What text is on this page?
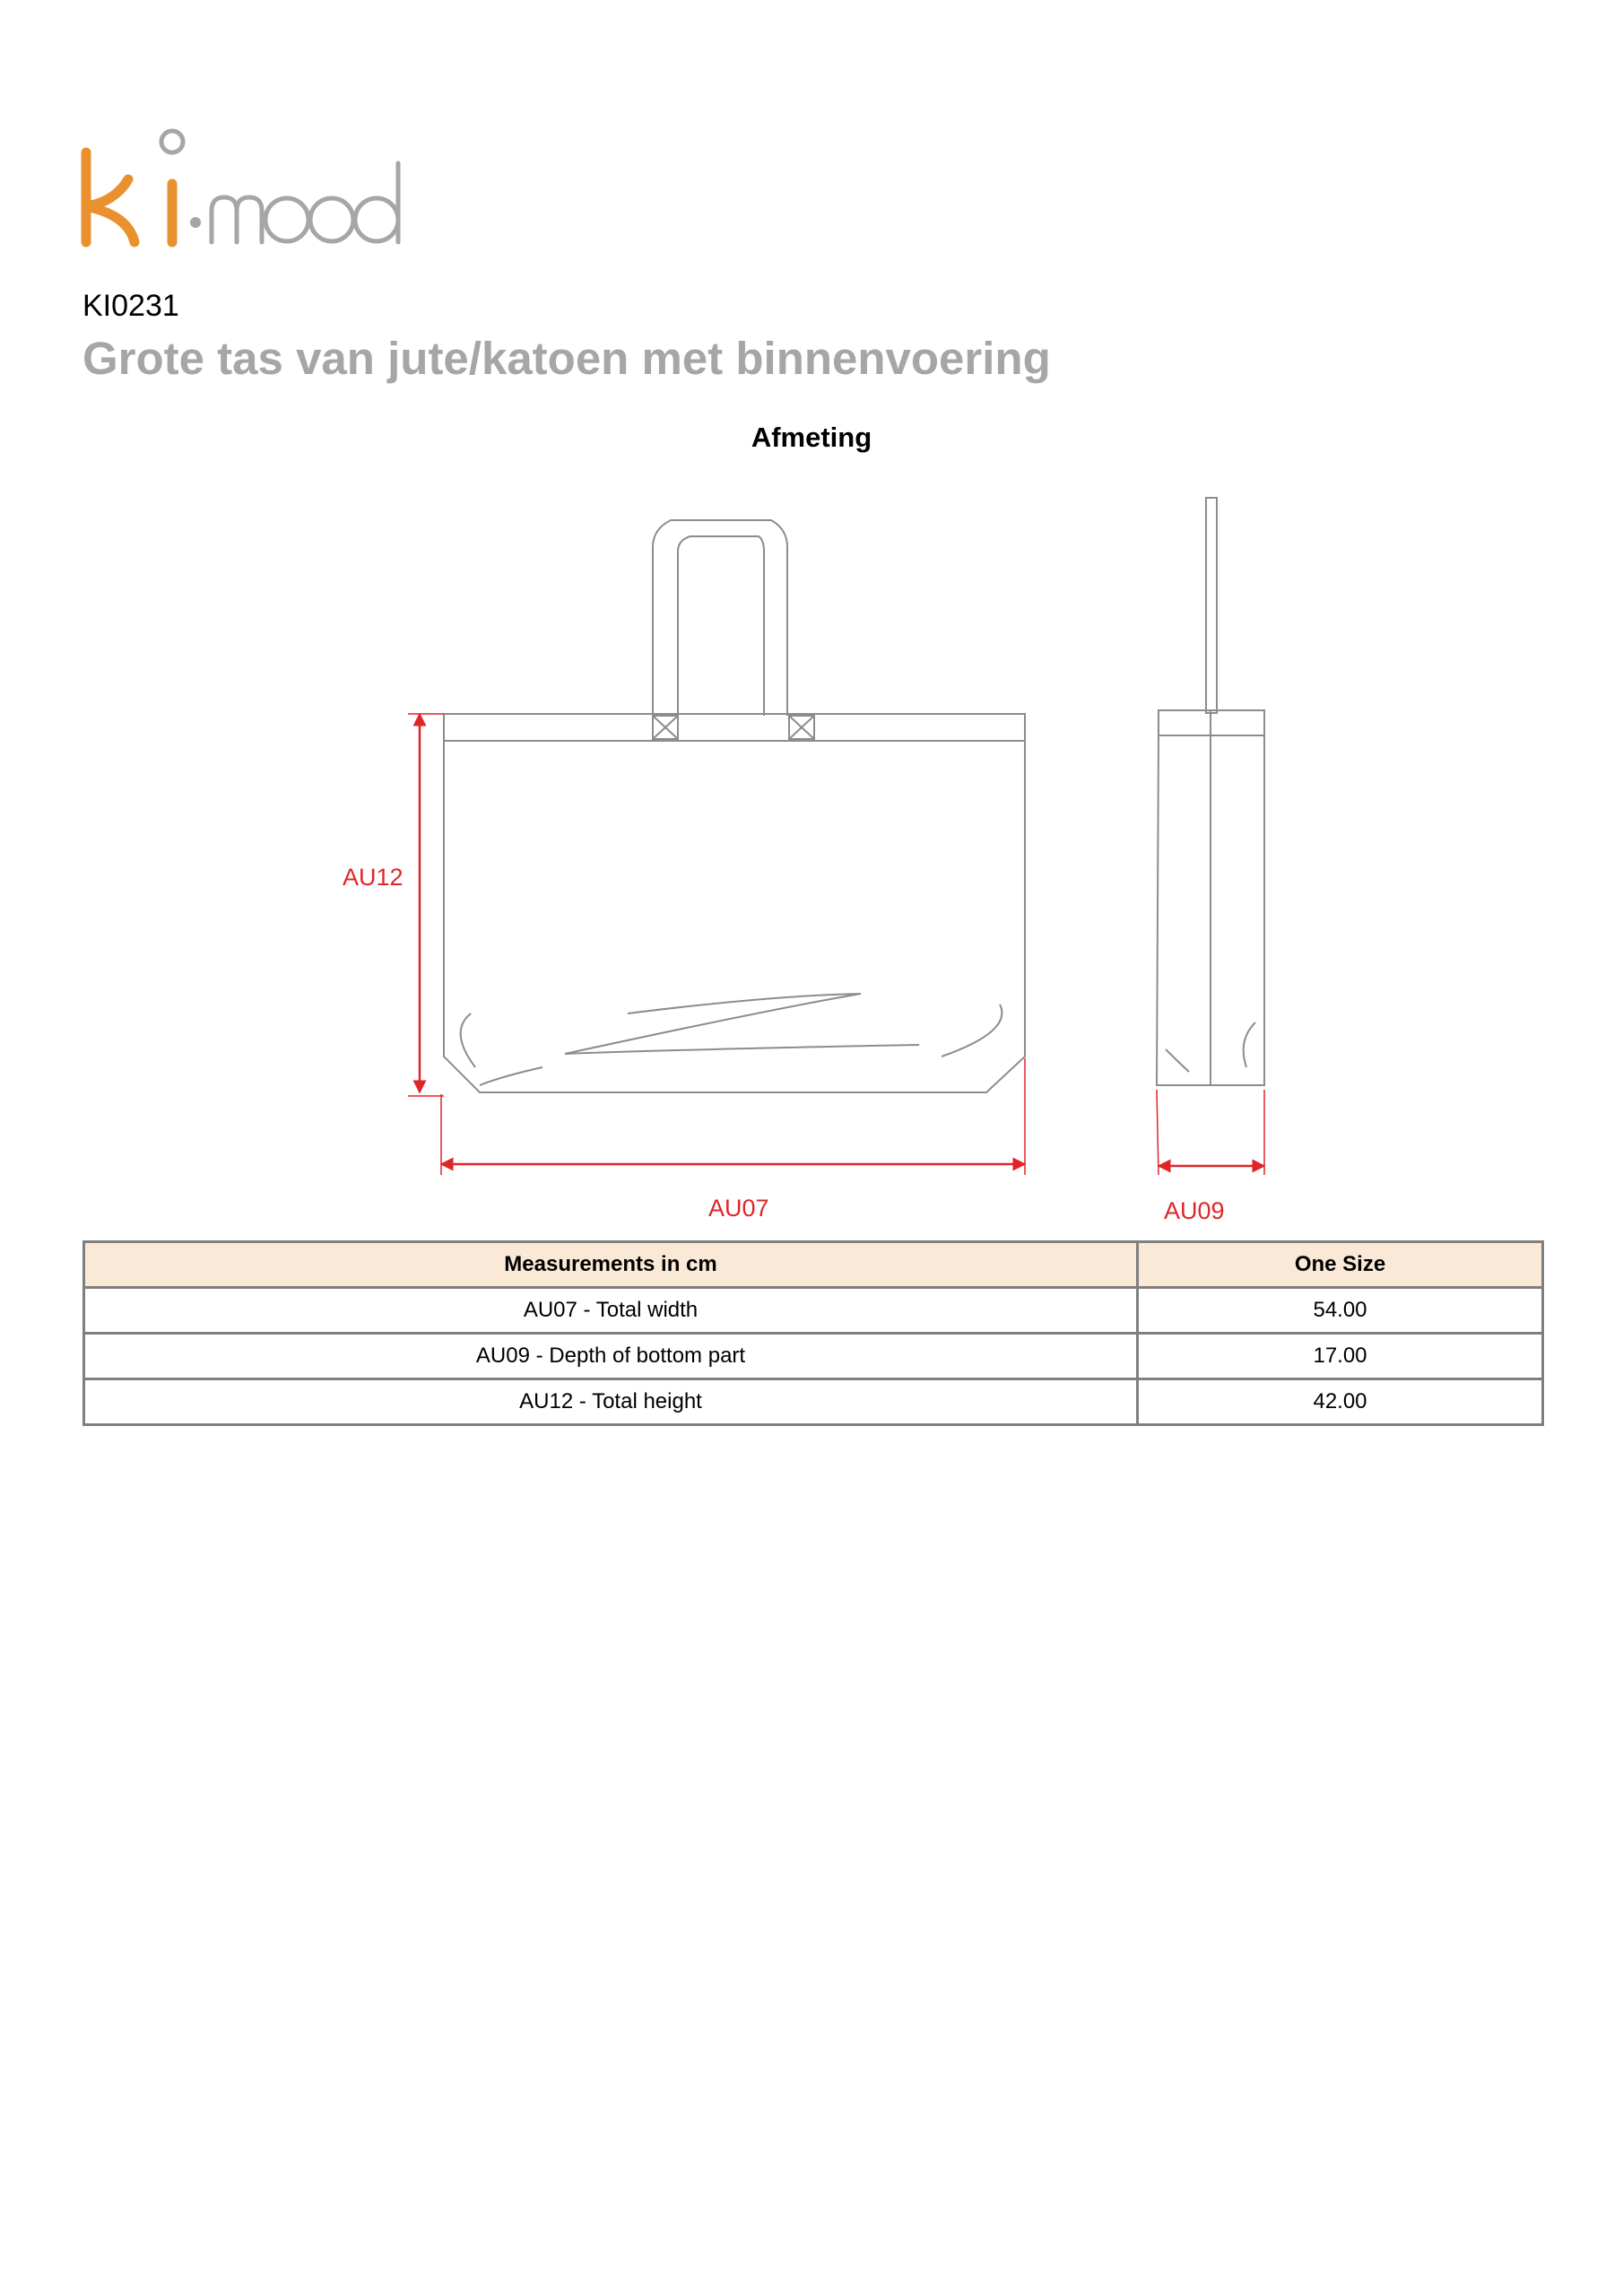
KI0231
Grote tas van jute/katoen met binnenvoering
Afmeting
AU12
AU07	AU09
Measurements in cm	One Size
AU07 - Total width	54.00
AU09 - Depth of bottom part	17.00
AU12 - Total height	42.00
